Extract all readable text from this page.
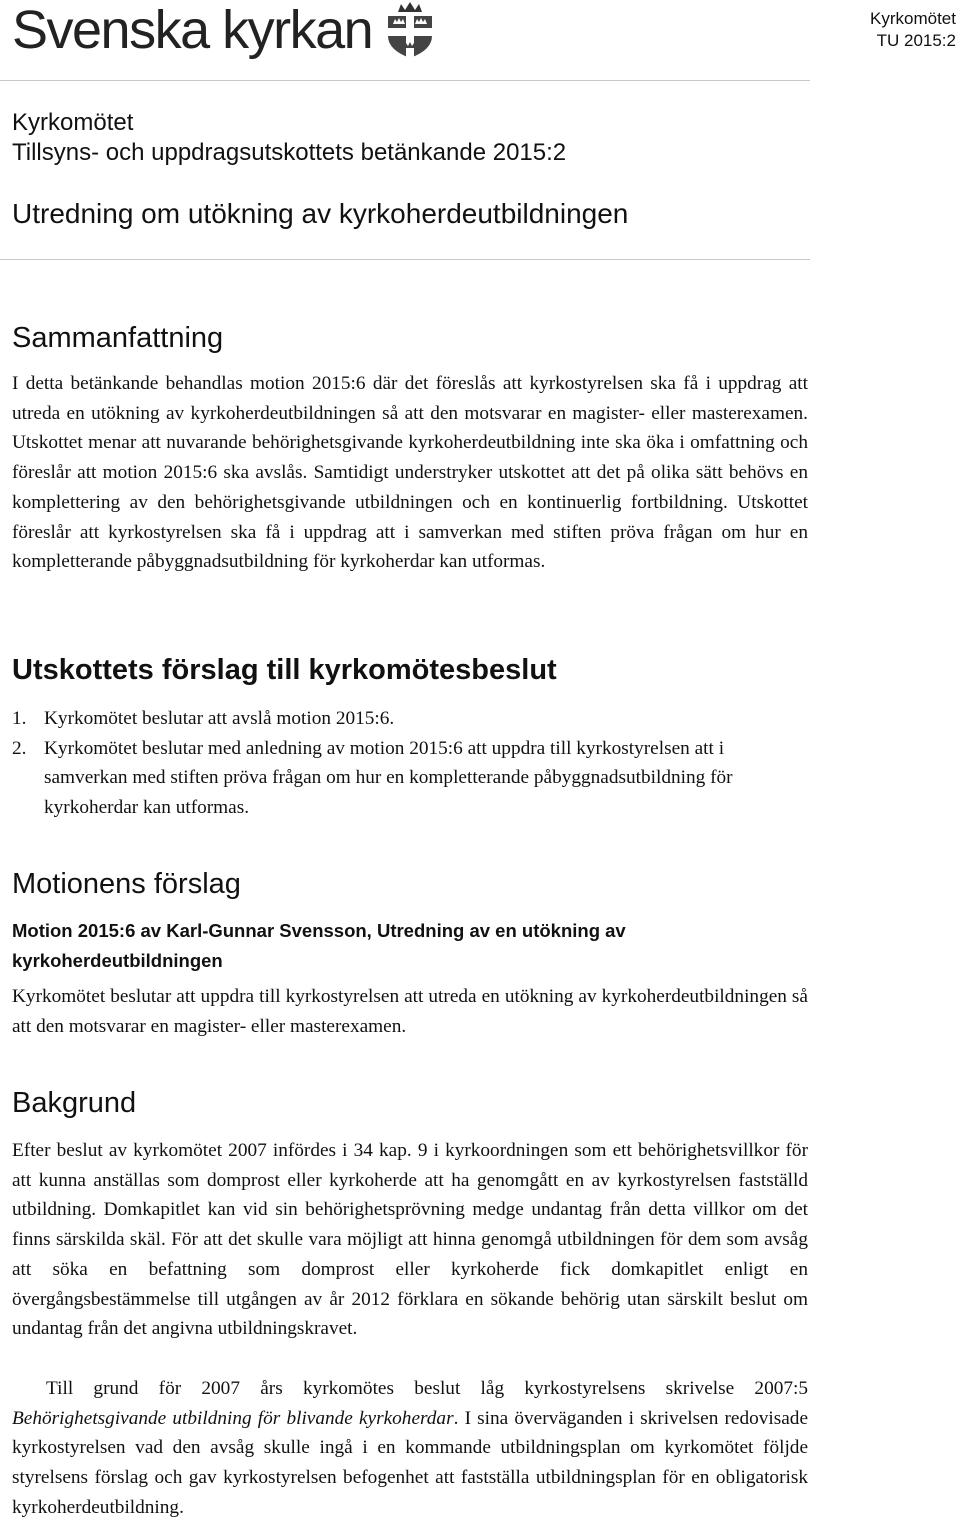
Svenska kyrkan	Kyrkomötet
TU 2015:2
Kyrkomötet
Tillsyns- och uppdragsutskottets betänkande 2015:2
Utredning om utökning av kyrkoherdeutbildningen
Sammanfattning
I detta betänkande behandlas motion 2015:6 där det föreslås att kyrkostyrelsen ska få i uppdrag att utreda en utökning av kyrkoherdeutbildningen så att den motsvarar en magister- eller masterexamen. Utskottet menar att nuvarande behörighetsgivande kyrkoherdeutbildning inte ska öka i omfattning och föreslår att motion 2015:6 ska avslås. Samtidigt understryker utskottet att det på olika sätt behövs en komplettering av den behörighetsgivande utbildningen och en kontinuerlig fortbildning. Utskottet föreslår att kyrkostyrelsen ska få i uppdrag att i samverkan med stiften pröva frågan om hur en kompletterande påbyggnadsutbildning för kyrkoherdar kan utformas.
Utskottets förslag till kyrkomötesbeslut
1. Kyrkomötet beslutar att avslå motion 2015:6.
2. Kyrkomötet beslutar med anledning av motion 2015:6 att uppdra till kyrkostyrelsen att i samverkan med stiften pröva frågan om hur en kompletterande påbyggnadsutbildning för kyrkoherdar kan utformas.
Motionens förslag
Motion 2015:6 av Karl-Gunnar Svensson, Utredning av en utökning av kyrkoherdeutbildningen
Kyrkomötet beslutar att uppdra till kyrkostyrelsen att utreda en utökning av kyrkoherdeutbildningen så att den motsvarar en magister- eller masterexamen.
Bakgrund
Efter beslut av kyrkomötet 2007 infördes i 34 kap. 9 i kyrkoordningen som ett behörighetsvillkor för att kunna anställas som domprost eller kyrkoherde att ha genomgått en av kyrkostyrelsen fastställd utbildning. Domkapitlet kan vid sin behörighetsprövning medge undantag från detta villkor om det finns särskilda skäl. För att det skulle vara möjligt att hinna genomgå utbildningen för dem som avsåg att söka en befattning som domprost eller kyrkoherde fick domkapitlet enligt en övergångsbestämmelse till utgången av år 2012 förklara en sökande behörig utan särskilt beslut om undantag från det angivna utbildningskravet.
Till grund för 2007 års kyrkomötes beslut låg kyrkostyrelsens skrivelse 2007:5 Behörighetsgivande utbildning för blivande kyrkoherdar. I sina överväganden i skrivelsen redovisade kyrkostyrelsen vad den avsåg skulle ingå i en kommande utbildningsplan om kyrkomötet följde styrelsens förslag och gav kyrkostyrelsen befogenhet att fastställa utbildningsplan för en obligatorisk kyrkoherdeutbildning.
